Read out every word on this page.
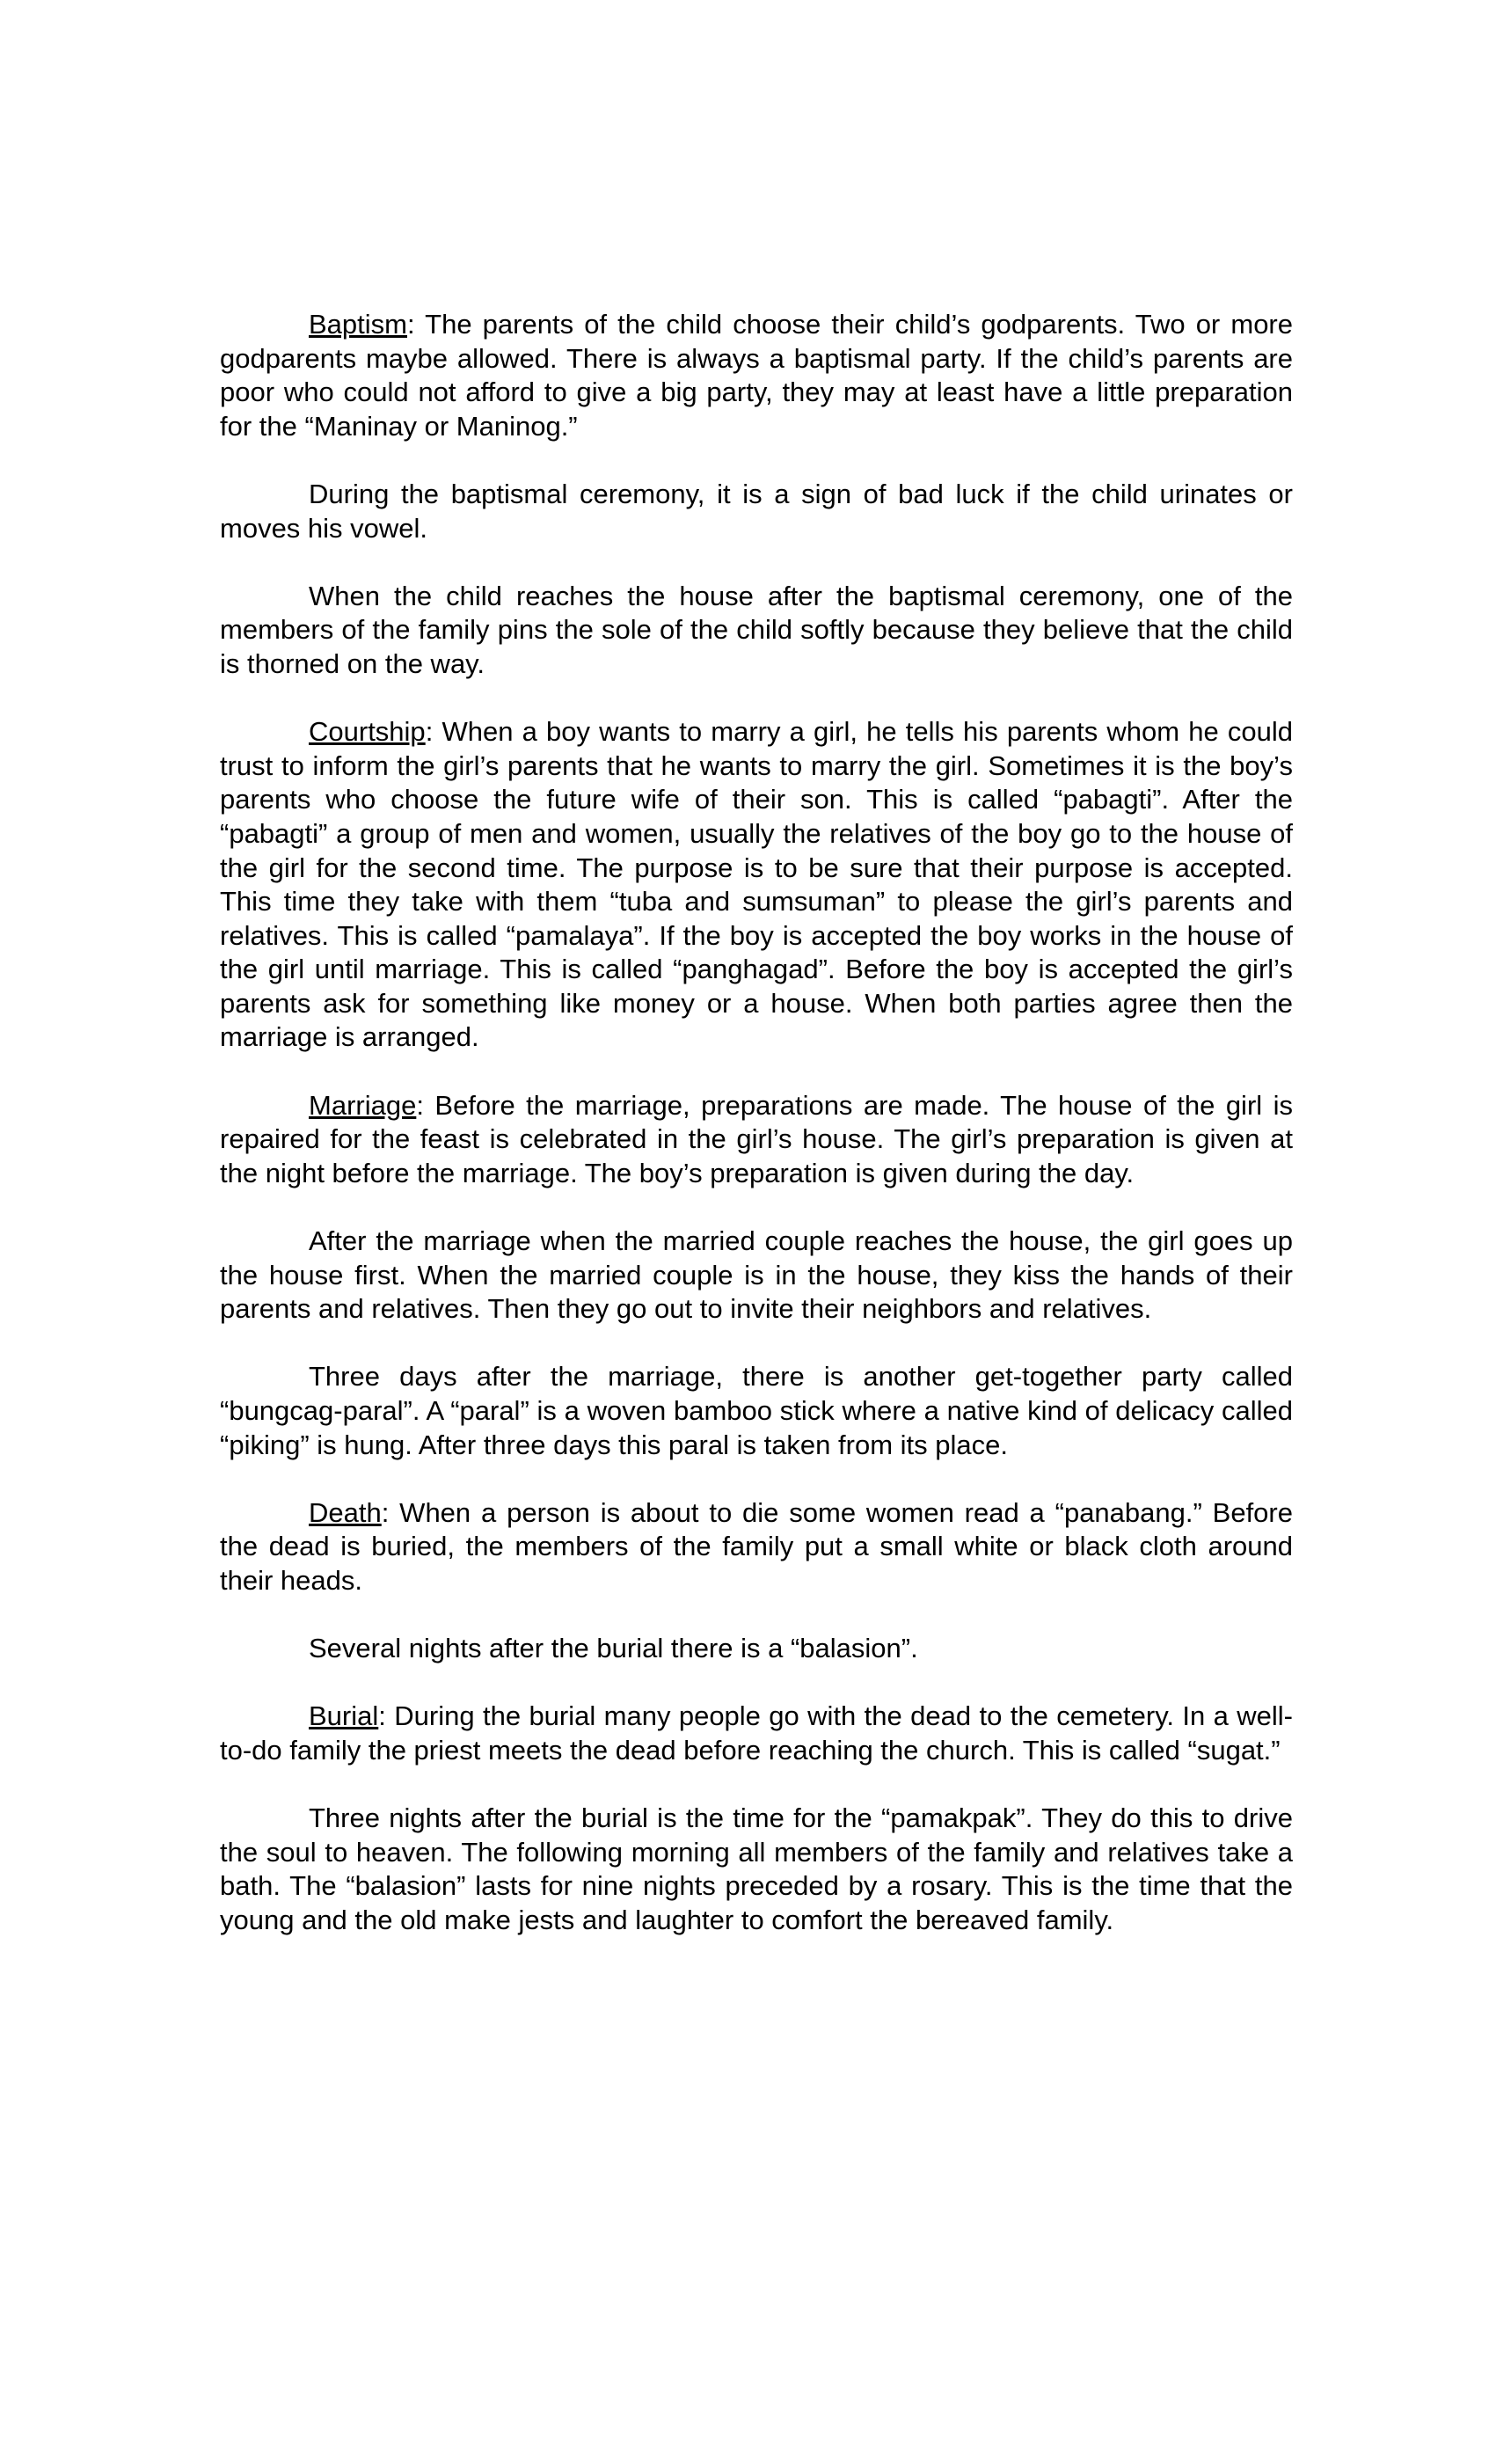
Baptism: The parents of the child choose their child’s godparents. Two or more godparents maybe allowed. There is always a baptismal party. If the child’s parents are poor who could not afford to give a big party, they may at least have a little preparation for the “Maninay or Maninog.”

During the baptismal ceremony, it is a sign of bad luck if the child urinates or moves his vowel.

When the child reaches the house after the baptismal ceremony, one of the members of the family pins the sole of the child softly because they believe that the child is thorned on the way.

Courtship: When a boy wants to marry a girl, he tells his parents whom he could trust to inform the girl’s parents that he wants to marry the girl. Sometimes it is the boy’s parents who choose the future wife of their son. This is called “pabagti”. After the “pabagti” a group of men and women, usually the relatives of the boy go to the house of the girl for the second time. The purpose is to be sure that their purpose is accepted. This time they take with them “tuba and sumsuman” to please the girl’s parents and relatives. This is called “pamalaya”. If the boy is accepted the boy works in the house of the girl until marriage. This is called “panghagad”. Before the boy is accepted the girl’s parents ask for something like money or a house. When both parties agree then the marriage is arranged.

Marriage: Before the marriage, preparations are made. The house of the girl is repaired for the feast is celebrated in the girl’s house. The girl’s preparation is given at the night before the marriage. The boy’s preparation is given during the day.

After the marriage when the married couple reaches the house, the girl goes up the house first. When the married couple is in the house, they kiss the hands of their parents and relatives. Then they go out to invite their neighbors and relatives.

Three days after the marriage, there is another get-together party called “bungcag-paral”. A “paral” is a woven bamboo stick where a native kind of delicacy called “piking” is hung. After three days this paral is taken from its place.

Death: When a person is about to die some women read a “panabang.” Before the dead is buried, the members of the family put a small white or black cloth around their heads.

Several nights after the burial there is a “balasion”.

Burial: During the burial many people go with the dead to the cemetery. In a well-to-do family the priest meets the dead before reaching the church. This is called “sugat.”

Three nights after the burial is the time for the “pamakpak”. They do this to drive the soul to heaven. The following morning all members of the family and relatives take a bath. The “balasion” lasts for nine nights preceded by a rosary. This is the time that the young and the old make jests and laughter to comfort the bereaved family.
